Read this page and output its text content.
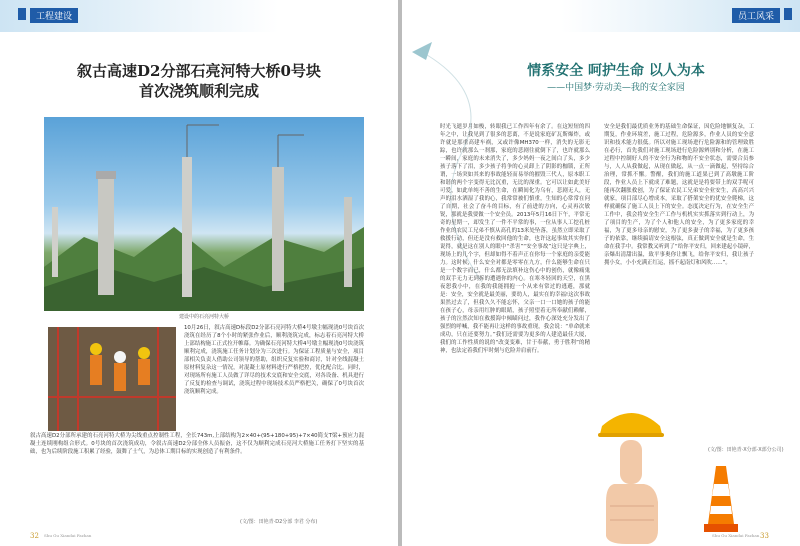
工程建设
叙古高速D2分部石亮河特大桥0号块
首次浇筑顺利完成
建设中的石亮河特大桥
10月26日，叙古高速D标段D2分部石亮河特大桥4号墩主幅现浇0号块首次浇筑在经历了8个小时的紧张作业后，顺利浇筑完成，标志着石亮河特大桥上部结构施工正式拉开帷幕。为确保石亮河特大桥4号墩主幅现浇0号块浇筑顺利完成，浇筑施工任务计划分为三次进行。为保证工程质量与安全，项目部相关负责人借助公司领导的帮助，组织反复实验和商讨，针对全线混凝土原材料复杂这一情况，对混凝土原材料进行严格把控，优化配合比。同时，对现场所有施工人员做了详尽的技术交底和安全交底，对各设备、机具进行了反复的检查与调试，浇筑过程中现场技术员严格把关，确保了0号块首次浇筑顺利完成。
叙古高速D2分部所承建的石亮河特大桥为尖线重点控制性工程，全长743m,上部结构为2×40+(95+180+95)+7×40简支T梁+预应力混凝土连续刚构组合形式。0号块的首次浇筑成功，令叙古高速D2分部全体人员振奋，这不仅为顺利完成石亮河大桥施工任务打下坚实的基础，也为后续阶段施工积累了经验，鼓舞了士气，为总体工期目标的实现创造了有利条件。
(文/图：田艳青·D2分部 李君 分布)
32 Shu Gu Xiandai Fazhan
员工风采
情系安全 呵护生命 以人为本
——中国梦·劳动美—我的安全家园
时光飞逝岁月如梭，转眼我已工作四年有余了。在这短短的四年之中，让我见到了很多的悲离，不是说家庭矿瓦斯爆炸，或许就是那重高建车祸，又或许像MH370一样，消失的无影无踪，也许就那么一刹那，家庭的悲剧往就倒下了，也许就那么一瞬间，家庭的未来消失了，多少妈妈一夜之间白了头，多少孩子落下了泪，多少孩子将争的心灵卸上了阴影的枷锁，正所谓，一场突如其来的事故能轻而易举的摧毁三代人，原本职工和谐的两个字变得无比沉重，无比的深重。它可以让如此美好可爱，如此单纯不善的生命，在瞬间化为乌有，悲剧无人，无声的泪水洒湿了我的心，我常常被们慎重，生知的心常常在问了自期，社会了奋斗的目标，有了前进的方向，心灵再次敏锐，那就是我要做一个安全员。2013年5月16日下午，平常无奇的星期一，却发生了一件不平常的事，一位从事人工挖孔桩作业的农民工兄弟不慎从高孔的13米处坠落，虽然立即采取了救援行动，但还是没有救回他的生命，也许这起事故其实你们说得，就是这在别人的眼中“杀害”“安全事故”这只是字典上，现场上的几个字，但却如得不着声正在你每一个家庭的亲爱能力。这时候，什么安全对都是零零在九方，什么能够生命在只是一个数字而已，什么都无法填补这伤心中的创伤，就像痛鬼的双手无力无到拆的遭遇你的内心。在寒冬轻回的天空，在黑夜恕我小中，在我的我能拥抱一个从来有常过的逃避，那就是：安全，安全就是最美丽，要幼人，最实在的幸福!这次事故果然过去了，但我久久不能忘怀，父亲一口一口她的孩子的能在孩子心，母亲用红肿的眼睛，孩子照望着无所奉献们赖解，孩子的泣然次知在救援海中倾瞄问过，我作心深处充分发出了强烈的呼喊，我不能再让这样的事故重现，我会说：“单命就来成功，只在还要努力。”我们还需要为更多的人建造最佳大厦，我们的工作性质的说的“改变变难，甘于奉献，勇于胜利”的精神，也法定着我们牢时刻与危险并肩前行。
安全是我们最优质业务的基础生命保证，因危险地额复杂，工期复，作业环境差，施工过程，危险源多，作业人员的安全意识和技术能力很低。所以对施工现场进行危险源和的管理致胜在必行，首先我们对施工现场进行危险源辨别和分析，在施工过程中控制好人的不安全行为和物的不安全状态，需要合员参与，人人从我做起，从现在做起，从一点一滴做起，坚持综合治理，常抓不懈。警醒，我们的施工道果已到了高墩施工阶段，作业人员上下就成了难题，这就是是将要带上的双手呢可能再次翻胀救创，为了保证农民工兄弟安全业安生，高高兴兴就家，项目部尽心增成本，采取了搭架安全的优安全爬梯，这样就确保了施工人员上下的安全。态度决定行为，在安全生产工作中，我会将安全生产工作与机机实实抓落实到行动上，为了项目的生产，为了个人和他人的安全，为了更多家庭的幸福，为了更多母亲的慰安，为了更多妻子的幸福，为了更多孩子的依靠，继续搞请安全这根弦，真正做到安全就是生命，生命在我手中。我常教又听到了“给你平安归，回来建起小镜碎，亲爆出清甜出温，致平事奥你让飘飞，给你平安归，我让孩子拥小女，小小充满正红运，摇不起南灯和风吹……”。
(文/图：田艳青·X分部·X部分公司)
33
Shu Gu Xiandai Fazhan
